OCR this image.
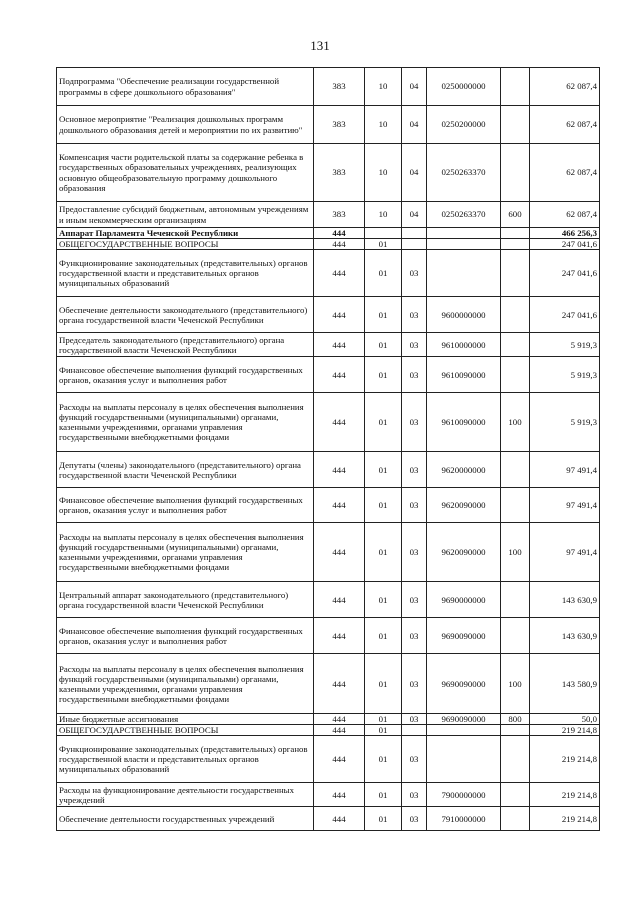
131
Подпрограмма "Обеспечение реализации государственной программы в сфере дошкольного образования"	383	10	04	0250000000		62 087,4
Основное мероприятие "Реализация дошкольных программ дошкольного образования детей и мероприятии по их развитию"	383	10	04	0250200000		62 087,4
Компенсация части родительской платы за содержание ребенка в государственных образовательных учреждениях, реализующих основную общеобразовательную программу дошкольного образования	383	10	04	0250263370		62 087,4
Предоставление субсидий бюджетным, автономным учреждениям и иным некоммерческим организациям	383	10	04	0250263370	600	62 087,4
Аппарат Парламента Чеченской Республики	444					466 256,3
ОБЩЕГОСУДАРСТВЕННЫЕ ВОПРОСЫ	444	01				247 041,6
Функционирование законодательных (представительных) органов государственной власти и представительных органов муниципальных образований	444	01	03			247 041,6
Обеспечение деятельности законодательного (представительного) органа государственной власти Чеченской Республики	444	01	03	9600000000		247 041,6
Председатель законодательного (представительного) органа государственной власти Чеченской Республики	444	01	03	9610000000		5 919,3
Финансовое обеспечение выполнения функций государственных органов, оказания услуг и выполнения работ	444	01	03	9610090000		5 919,3
Расходы на выплаты персоналу в целях обеспечения выполнения функций государственными (муниципальными) органами, казенными учреждениями, органами управления государственными внебюджетными фондами	444	01	03	9610090000	100	5 919,3
Депутаты (члены) законодательного (представительного) органа государственной власти Чеченской Республики	444	01	03	9620000000		97 491,4
Финансовое обеспечение выполнения функций государственных органов, оказания услуг и выполнения работ	444	01	03	9620090000		97 491,4
Расходы на выплаты персоналу в целях обеспечения выполнения функций государственными (муниципальными) органами, казенными учреждениями, органами управления государственными внебюджетными фондами	444	01	03	9620090000	100	97 491,4
Центральный аппарат законодательного (представительного) органа государственной власти Чеченской Республики	444	01	03	9690000000		143 630,9
Финансовое обеспечение выполнения функций государственных органов, оказания услуг и выполнения работ	444	01	03	9690090000		143 630,9
Расходы на выплаты персоналу в целях обеспечения выполнения функций государственными (муниципальными) органами, казенными учреждениями, органами управления государственными внебюджетными фондами	444	01	03	9690090000	100	143 580,9
Иные бюджетные ассигнования	444	01	03	9690090000	800	50,0
ОБЩЕГОСУДАРСТВЕННЫЕ ВОПРОСЫ	444	01				219 214,8
Функционирование законодательных (представительных) органов государственной власти и представительных органов муниципальных образований	444	01	03			219 214,8
Расходы на функционирование деятельности государственных учреждений	444	01	03	7900000000		219 214,8
Обеспечение деятельности государственных учреждений	444	01	03	7910000000		219 214,8
